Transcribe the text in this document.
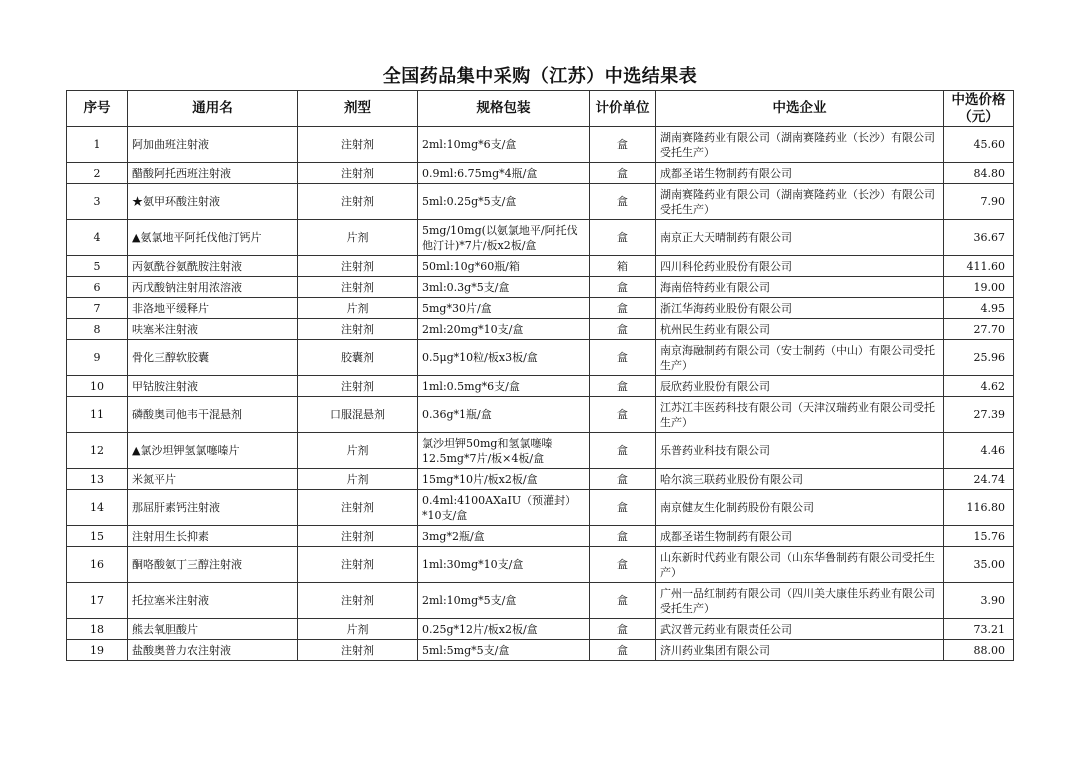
全国药品集中采购（江苏）中选结果表
序号	通用名	剂型	规格包装	计价单位	中选企业	中选价格（元）
1	阿加曲班注射液	注射剂	2ml:10mg*6支/盒	盒	湖南赛隆药业有限公司（湖南赛隆药业（长沙）有限公司受托生产）	45.60
2	醋酸阿托西班注射液	注射剂	0.9ml:6.75mg*4瓶/盒	盒	成都圣诺生物制药有限公司	84.80
3	★氨甲环酸注射液	注射剂	5ml:0.25g*5支/盒	盒	湖南赛隆药业有限公司（湖南赛隆药业（长沙）有限公司受托生产）	7.90
4	▲氨氯地平阿托伐他汀钙片	片剂	5mg/10mg(以氨氯地平/阿托伐他汀计)*7片/板x2板/盒	盒	南京正大天晴制药有限公司	36.67
5	丙氨酰谷氨酰胺注射液	注射剂	50ml:10g*60瓶/箱	箱	四川科伦药业股份有限公司	411.60
6	丙戊酸钠注射用浓溶液	注射剂	3ml:0.3g*5支/盒	盒	海南倍特药业有限公司	19.00
7	非洛地平缓释片	片剂	5mg*30片/盒	盒	浙江华海药业股份有限公司	4.95
8	呋塞米注射液	注射剂	2ml:20mg*10支/盒	盒	杭州民生药业有限公司	27.70
9	骨化三醇软胶囊	胶囊剂	0.5μg*10粒/板x3板/盒	盒	南京海融制药有限公司（安士制药（中山）有限公司受托生产）	25.96
10	甲钴胺注射液	注射剂	1ml:0.5mg*6支/盒	盒	辰欣药业股份有限公司	4.62
11	磷酸奥司他韦干混悬剂	口服混悬剂	0.36g*1瓶/盒	盒	江苏江丰医药科技有限公司（天津汉瑞药业有限公司受托生产）	27.39
12	▲氯沙坦钾氢氯噻嗪片	片剂	氯沙坦钾50mg和氢氯噻嗪12.5mg*7片/板×4板/盒	盒	乐普药业科技有限公司	4.46
13	米氮平片	片剂	15mg*10片/板x2板/盒	盒	哈尔滨三联药业股份有限公司	24.74
14	那屈肝素钙注射液	注射剂	0.4ml:4100AXaIU（预灌封）*10支/盒	盒	南京健友生化制药股份有限公司	116.80
15	注射用生长抑素	注射剂	3mg*2瓶/盒	盒	成都圣诺生物制药有限公司	15.76
16	酮咯酸氨丁三醇注射液	注射剂	1ml:30mg*10支/盒	盒	山东新时代药业有限公司（山东华鲁制药有限公司受托生产）	35.00
17	托拉塞米注射液	注射剂	2ml:10mg*5支/盒	盒	广州一品红制药有限公司（四川美大康佳乐药业有限公司受托生产）	3.90
18	熊去氧胆酸片	片剂	0.25g*12片/板x2板/盒	盒	武汉普元药业有限责任公司	73.21
19	盐酸奥普力农注射液	注射剂	5ml:5mg*5支/盒	盒	济川药业集团有限公司	88.00
